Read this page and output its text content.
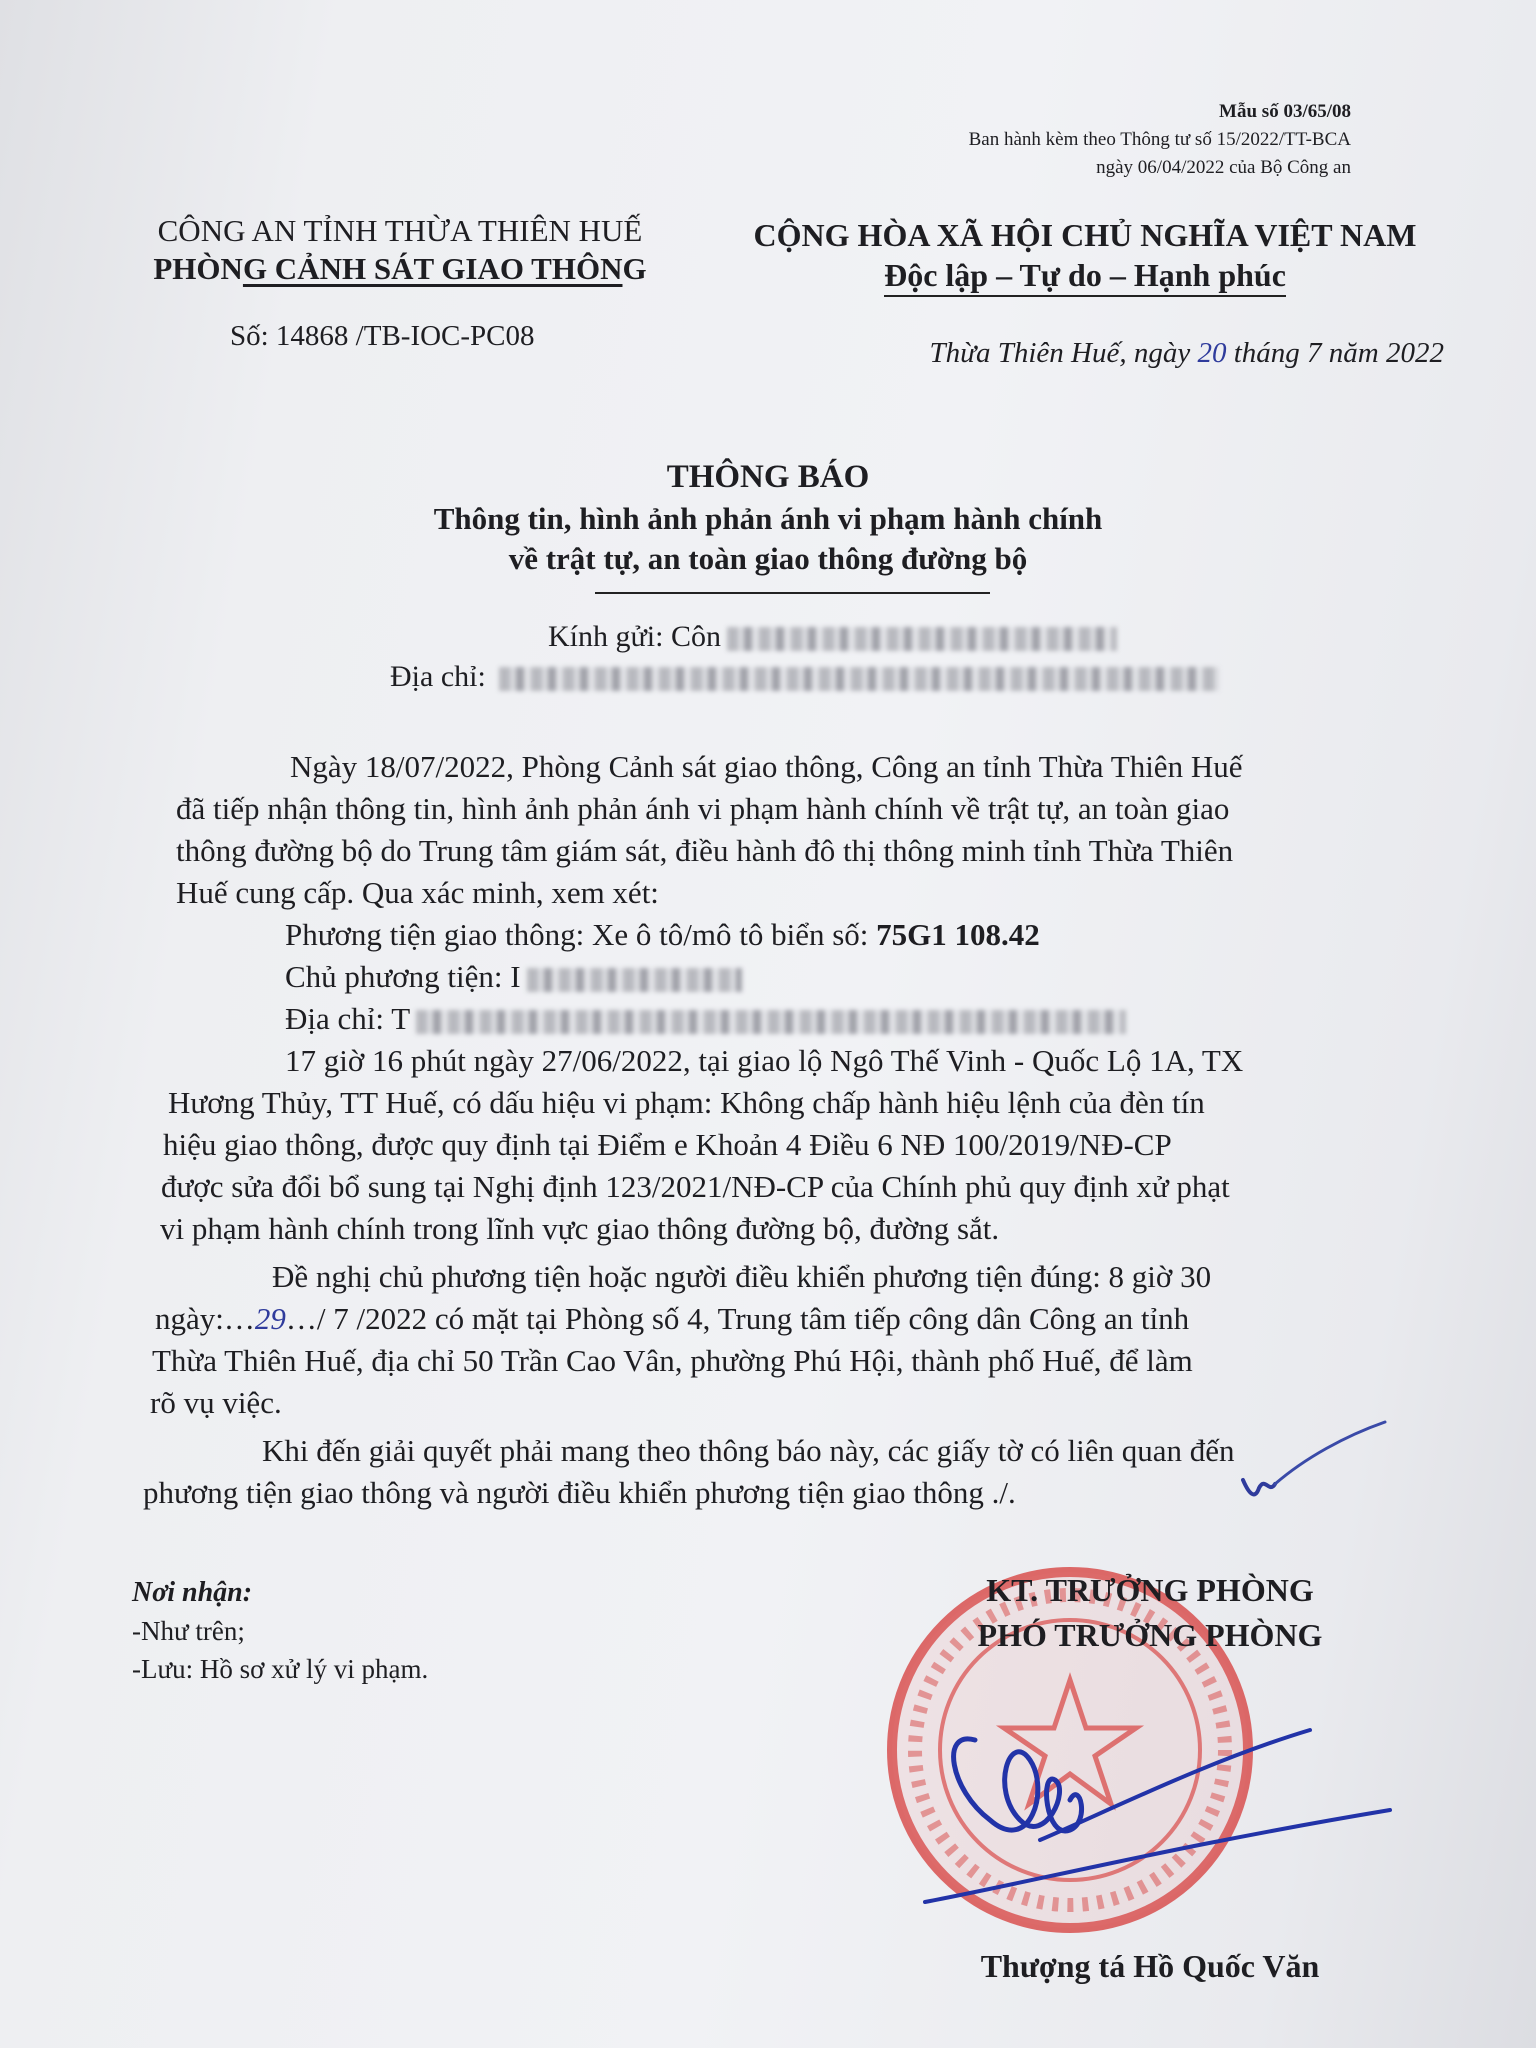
Mẫu số 03/65/08
Ban hành kèm theo Thông tư số 15/2022/TT-BCA
ngày 06/04/2022 của Bộ Công an
CÔNG AN TỈNH THỪA THIÊN HUẾ
PHÒNG CẢNH SÁT GIAO THÔNG
CỘNG HÒA XÃ HỘI CHỦ NGHĨA VIỆT NAM
Độc lập – Tự do – Hạnh phúc
Số: 14868 /TB-IOC-PC08
Thừa Thiên Huế, ngày 20 tháng 7 năm 2022
THÔNG BÁO
Thông tin, hình ảnh phản ánh vi phạm hành chính
về trật tự, an toàn giao thông đường bộ
Kính gửi: Côn
Địa chỉ:
Ngày 18/07/2022, Phòng Cảnh sát giao thông, Công an tỉnh Thừa Thiên Huế
đã tiếp nhận thông tin, hình ảnh phản ánh vi phạm hành chính về trật tự, an toàn giao
thông đường bộ do Trung tâm giám sát, điều hành đô thị thông minh tỉnh Thừa Thiên
Huế cung cấp. Qua xác minh, xem xét:
Phương tiện giao thông: Xe ô tô/mô tô biển số: 75G1 108.42
Chủ phương tiện: I
Địa chỉ: T
17 giờ 16 phút ngày 27/06/2022, tại giao lộ Ngô Thế Vinh - Quốc Lộ 1A, TX
Hương Thủy, TT Huế, có dấu hiệu vi phạm: Không chấp hành hiệu lệnh của đèn tín
hiệu giao thông, được quy định tại Điểm e Khoản 4 Điều 6 NĐ 100/2019/NĐ-CP
được sửa đổi bổ sung tại Nghị định 123/2021/NĐ-CP của Chính phủ quy định xử phạt
vi phạm hành chính trong lĩnh vực giao thông đường bộ, đường sắt.
Đề nghị chủ phương tiện hoặc người điều khiển phương tiện đúng: 8 giờ 30
ngày:…29…/ 7 /2022 có mặt tại Phòng số 4, Trung tâm tiếp công dân Công an tỉnh
Thừa Thiên Huế, địa chỉ 50 Trần Cao Vân, phường Phú Hội, thành phố Huế, để làm
rõ vụ việc.
Khi đến giải quyết phải mang theo thông báo này, các giấy tờ có liên quan đến
phương tiện giao thông và người điều khiển phương tiện giao thông ./.
Nơi nhận:
-Như trên;
-Lưu: Hồ sơ xử lý vi phạm.
KT. TRƯỞNG PHÒNG
PHÓ TRƯỞNG PHÒNG
Thượng tá Hồ Quốc Văn
